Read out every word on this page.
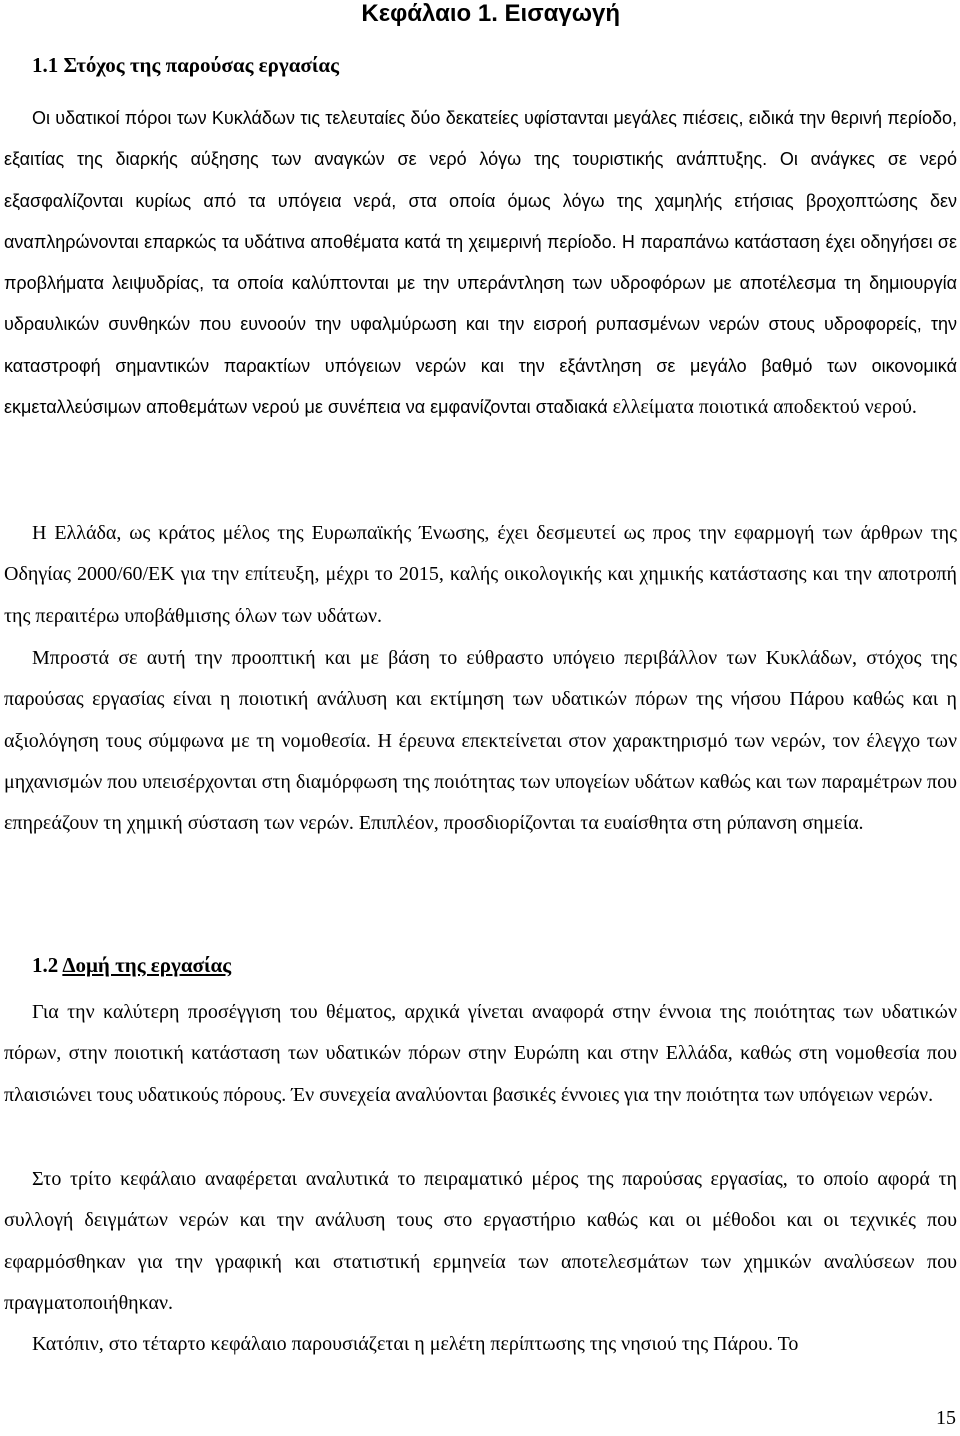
Κεφάλαιο 1. Εισαγωγή
1.1 Στόχος της παρούσας εργασίας

Οι υδατικοί πόροι των Κυκλάδων τις τελευταίες δύο δεκατείες υφίστανται μεγάλες πιέσεις, ειδικά την θερινή περίοδο, εξαιτίας της διαρκής αύξησης των αναγκών σε νερό λόγω της τουριστικής ανάπτυξης. Οι ανάγκες σε νερό εξασφαλίζονται κυρίως από τα υπόγεια νερά, στα οποία όμως λόγω της χαμηλής ετήσιας βροχοπτώσης δεν αναπληρώνονται επαρκώς τα υδάτινα αποθέματα κατά τη χειμερινή περίοδο. Η παραπάνω κατάσταση έχει οδηγήσει σε προβλήματα λειψυδρίας, τα οποία καλύπτονται με την υπεράντληση των υδροφόρων με αποτέλεσμα τη δημιουργία υδραυλικών συνθηκών που ευνοούν την υφαλμύρωση και την εισροή ρυπασμένων νερών στους υδροφορείς, την καταστροφή σημαντικών παρακτίων υπόγειων νερών και την εξάντληση σε μεγάλο βαθμό των οικονομικά εκμεταλλεύσιμων αποθεμάτων νερού με συνέπεια να εμφανίζονται σταδιακά ελλείματα ποιοτικά αποδεκτού νερού.

Η Ελλάδα, ως κράτος μέλος της Ευρωπαϊκής Ένωσης, έχει δεσμευτεί ως προς την εφαρμογή των άρθρων της Οδηγίας 2000/60/ΕΚ για την επίτευξη, μέχρι το 2015, καλής οικολογικής και χημικής κατάστασης και την αποτροπή της περαιτέρω υποβάθμισης όλων των υδάτων.

Μπροστά σε αυτή την προοπτική και με βάση το εύθραστο υπόγειο περιβάλλον των Κυκλάδων, στόχος της παρούσας εργασίας είναι η ποιοτική ανάλυση και εκτίμηση των υδατικών πόρων της νήσου Πάρου καθώς και η αξιολόγηση τους σύμφωνα με τη νομοθεσία. Η έρευνα επεκτείνεται στον χαρακτηρισμό των νερών, τον έλεγχο των μηχανισμών που υπεισέρχονται στη διαμόρφωση της ποιότητας των υπογείων υδάτων καθώς και των παραμέτρων που επηρεάζουν τη χημική σύσταση των νερών. Επιπλέον, προσδιορίζονται τα ευαίσθητα στη ρύπανση σημεία.

1.2 Δομή της εργασίας

Για την καλύτερη προσέγγιση του θέματος, αρχικά γίνεται αναφορά στην έννοια της ποιότητας των υδατικών πόρων, στην ποιοτική κατάσταση των υδατικών πόρων στην Ευρώπη και στην Ελλάδα, καθώς στη νομοθεσία που πλαισιώνει τους υδατικούς πόρους. Έν συνεχεία αναλύονται βασικές έννοιες για την ποιότητα των υπόγειων νερών.

Στο τρίτο κεφάλαιο αναφέρεται αναλυτικά το πειραματικό μέρος της παρούσας εργασίας, το οποίο αφορά τη συλλογή δειγμάτων νερών και την ανάλυση τους στο εργαστήριο καθώς και οι μέθοδοι και οι τεχνικές που εφαρμόσθηκαν για την γραφική και στατιστική ερμηνεία των αποτελεσμάτων των χημικών αναλύσεων που πραγματοποιήθηκαν.

Κατόπιν, στο τέταρτο κεφάλαιο παρουσιάζεται η μελέτη περίπτωσης της νησιού της Πάρου. Το

15
